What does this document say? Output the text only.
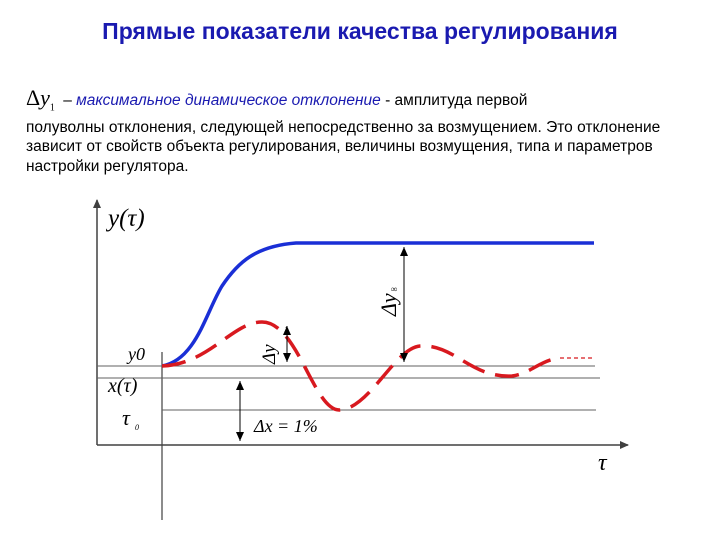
Прямые показатели качества регулирования
$\Delta y_1$ – максимальное динамическое отклонение - амплитуда первой
полуволны отклонения, следующей непосредственно за возмущением. Это отклонение зависит от свойств объекта регулирования, величины возмущения, типа и параметров настройки регулятора.
y(τ)
y0
x(τ)
τ 0
τ
Δy
∞
Δy
1
Δx = 1%
